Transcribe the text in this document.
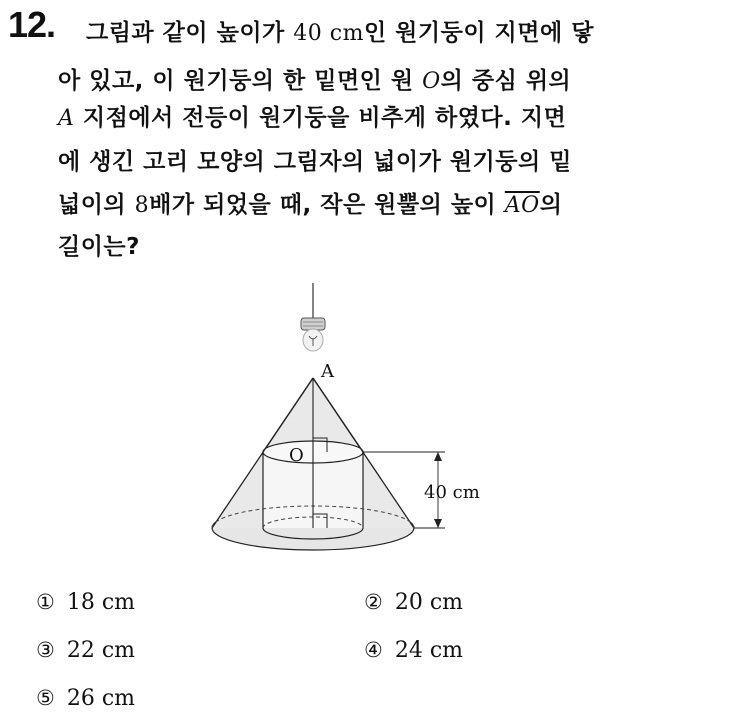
12. 그림과 같이 높이가 40 cm인 원기둥이 지면에 닿
아 있고, 이 원기둥의 한 밑면인 원 O의 중심 위의
A 지점에서 전등이 원기둥을 비추게 하였다. 지면
에 생긴 고리 모양의 그림자의 넓이가 원기둥의 밑
넓이의 8배가 되었을 때, 작은 원뿔의 높이 $\overline{AO}$의
길이는?
A
O
40 cm
① 18 cm	② 20 cm
③ 22 cm	④ 24 cm
⑤ 26 cm
